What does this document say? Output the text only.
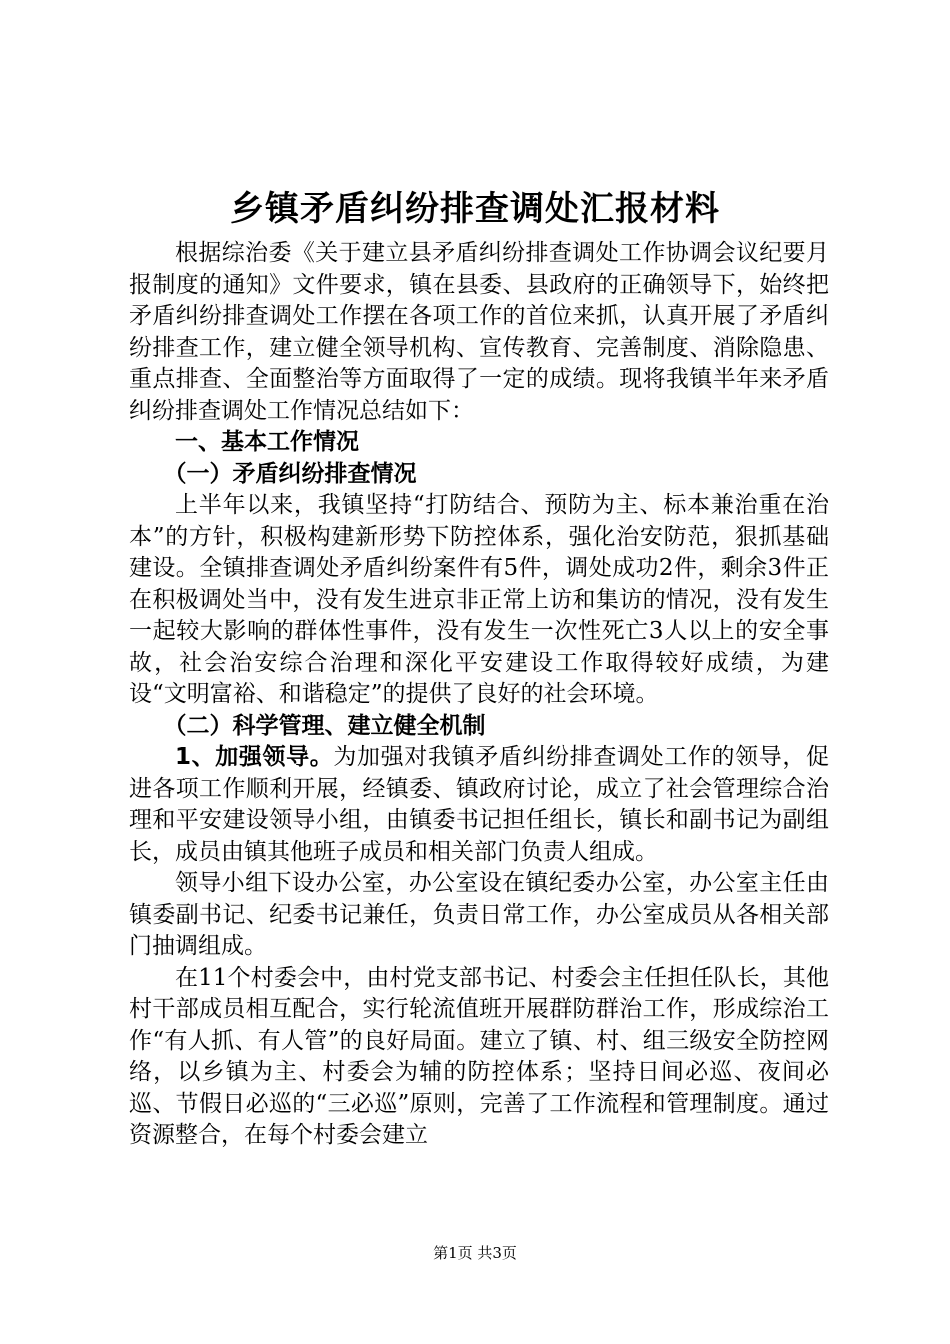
乡镇矛盾纠纷排查调处汇报材料

根据综治委《关于建立县矛盾纠纷排查调处工作协调会议纪要月报制度的通知》文件要求，镇在县委、县政府的正确领导下，始终把矛盾纠纷排查调处工作摆在各项工作的首位来抓，认真开展了矛盾纠纷排查工作，建立健全领导机构、宣传教育、完善制度、消除隐患、重点排查、全面整治等方面取得了一定的成绩。现将我镇半年来矛盾纠纷排查调处工作情况总结如下：

一、基本工作情况

（一）矛盾纠纷排查情况

上半年以来，我镇坚持“打防结合、预防为主、标本兼治重在治本”的方针，积极构建新形势下防控体系，强化治安防范，狠抓基础建设。全镇排查调处矛盾纠纷案件有5件，调处成功2件，剩余3件正在积极调处当中，没有发生进京非正常上访和集访的情况，没有发生一起较大影响的群体性事件，没有发生一次性死亡3人以上的安全事故，社会治安综合治理和深化平安建设工作取得较好成绩，为建设“文明富裕、和谐稳定”的提供了良好的社会环境。

（二）科学管理、建立健全机制

1、加强领导。为加强对我镇矛盾纠纷排查调处工作的领导，促进各项工作顺利开展，经镇委、镇政府讨论，成立了社会管理综合治理和平安建设领导小组，由镇委书记担任组长，镇长和副书记为副组长，成员由镇其他班子成员和相关部门负责人组成。

领导小组下设办公室，办公室设在镇纪委办公室，办公室主任由镇委副书记、纪委书记兼任，负责日常工作，办公室成员从各相关部门抽调组成。

在11个村委会中，由村党支部书记、村委会主任担任队长，其他村干部成员相互配合，实行轮流值班开展群防群治工作，形成综治工作“有人抓、有人管”的良好局面。建立了镇、村、组三级安全防控网络，以乡镇为主、村委会为辅的防控体系；坚持日间必巡、夜间必巡、节假日必巡的“三必巡”原则，完善了工作流程和管理制度。通过资源整合，在每个村委会建立

第1页 共3页
